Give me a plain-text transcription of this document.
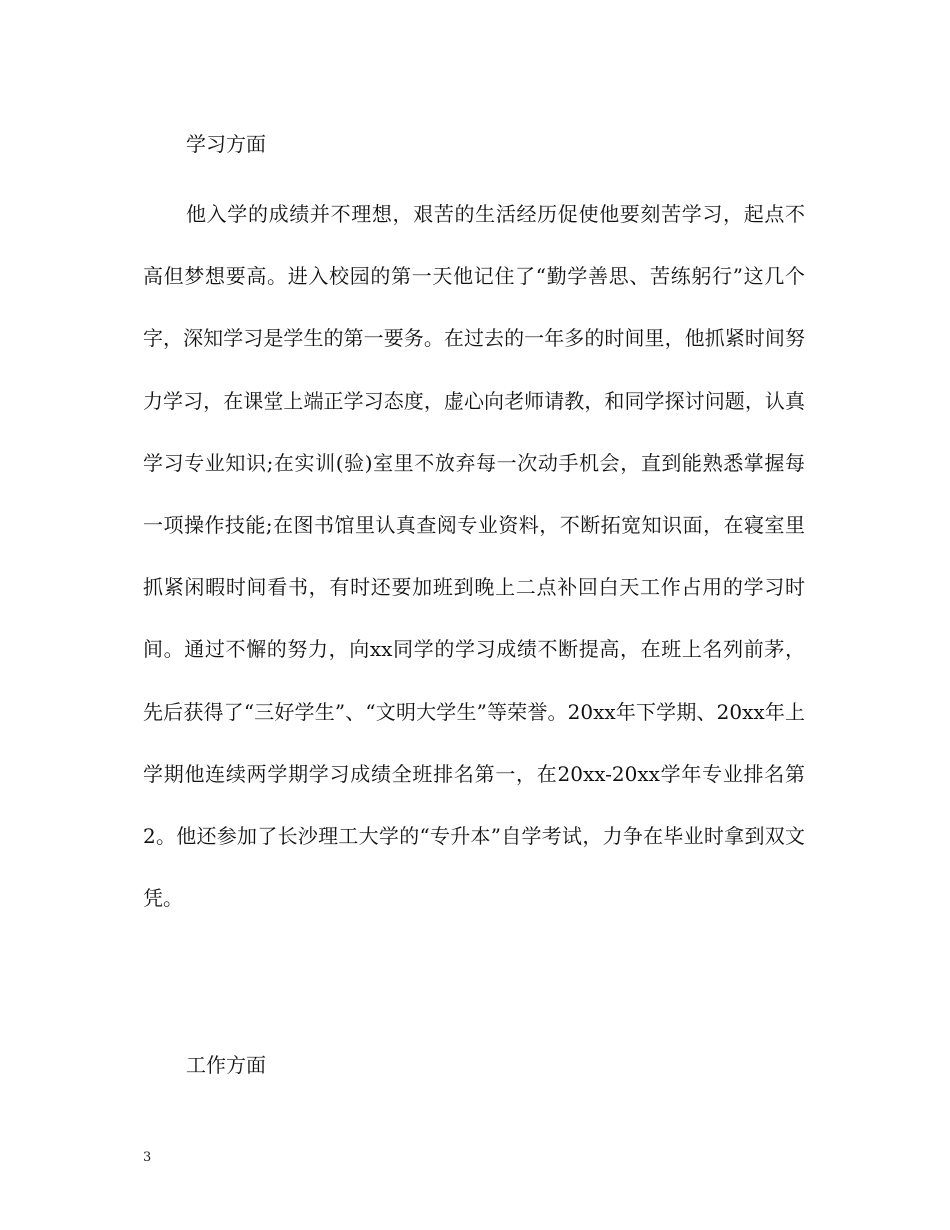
学习方面

他入学的成绩并不理想，艰苦的生活经历促使他要刻苦学习，起点不高但梦想要高。进入校园的第一天他记住了“勤学善思、苦练躬行”这几个字，深知学习是学生的第一要务。在过去的一年多的时间里，他抓紧时间努力学习，在课堂上端正学习态度，虚心向老师请教，和同学探讨问题，认真学习专业知识;在实训(验)室里不放弃每一次动手机会，直到能熟悉掌握每一项操作技能;在图书馆里认真查阅专业资料，不断拓宽知识面，在寝室里抓紧闲暇时间看书，有时还要加班到晚上二点补回白天工作占用的学习时间。通过不懈的努力，向xx同学的学习成绩不断提高，在班上名列前茅，先后获得了“三好学生”、“文明大学生”等荣誉。20xx年下学期、20xx年上学期他连续两学期学习成绩全班排名第一，在20xx-20xx学年专业排名第2。他还参加了长沙理工大学的“专升本”自学考试，力争在毕业时拿到双文凭。

工作方面
3
